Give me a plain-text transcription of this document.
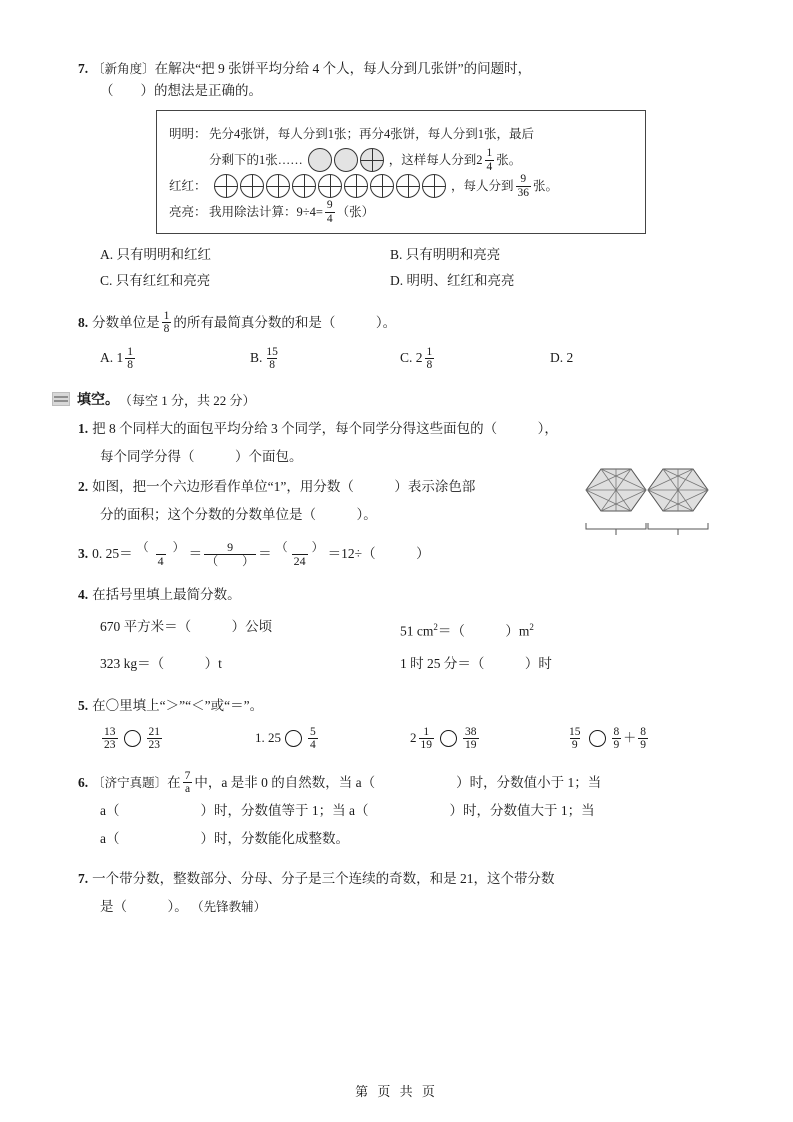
7. 〔新角度〕在解决“把 9 张饼平均分给 4 个人，每人分到几张饼”的问题时，
（　　）的想法是正确的。
明明： 先分4张饼，每人分到1张；再分4张饼，每人分到1张，最后
分剩下的1张……	，这样每人分到$2 \frac{1}{4}$ 张。
红红：	，每人分到 $\frac{9}{36}$ 张。
亮亮： 我用除法计算：$9\div 4= \frac{9}{4}$ （张）
A. 只有明明和红红	B. 只有明明和亮亮
C. 只有红红和亮亮	D. 明明、红红和亮亮
8. 分数单位是 $\frac{1}{8}$ 的所有最简真分数的和是（　　　）。
A. $1 \frac{1}{8}$	B. $\frac{15}{8}$	C. $2 \frac{1}{8}$	D. 2
填空。 （每空 1 分，共 22 分）
1. 把 8 个同样大的面包平均分给 3 个同学，每个同学分得这些面包的（　　　），
每个同学分得（　　　）个面包。
2. 如图，把一个六边形看作单位“1”，用分数（　　　）表示涂色部
分的面积；这个分数的分数单位是（　　　）。
3. 0. $25= \frac{( )}{4} = \frac{9}{( )} = \frac{( )}{24} =12\div$（　　　）
4. 在括号里填上最简分数。
670 平方米＝（　　　）公顷	51 $cm^2=$（　　　）$m^2$
323 kg＝（　　　）t	1 时 25 分＝（　　　）时
5. 在〇里填上“＞”“＜”或“＝”。
$\frac{13}{23}$	$\frac{21}{23}$	1. $25 \frac{5}{4}$	$2 \frac{1}{19}$	$\frac{38}{19}$	$\frac{15}{9}$	$\frac{8}{9} + \frac{8}{9}$
6. 〔济宁真题〕 在 $\frac{7}{a}$ 中，a 是非 0 的自然数，当 a（　　　　　　）时，分数值小于 1；当
a（　　　　　　）时，分数值等于 1；当 a（　　　　　　）时，分数值大于 1；当
a（　　　　　　）时，分数能化成整数。
7. 一个带分数，整数部分、分母、分子是三个连续的奇数，和是 21，这个带分数
是（　　　）。 （先锋教辅）
第 页 共 页
